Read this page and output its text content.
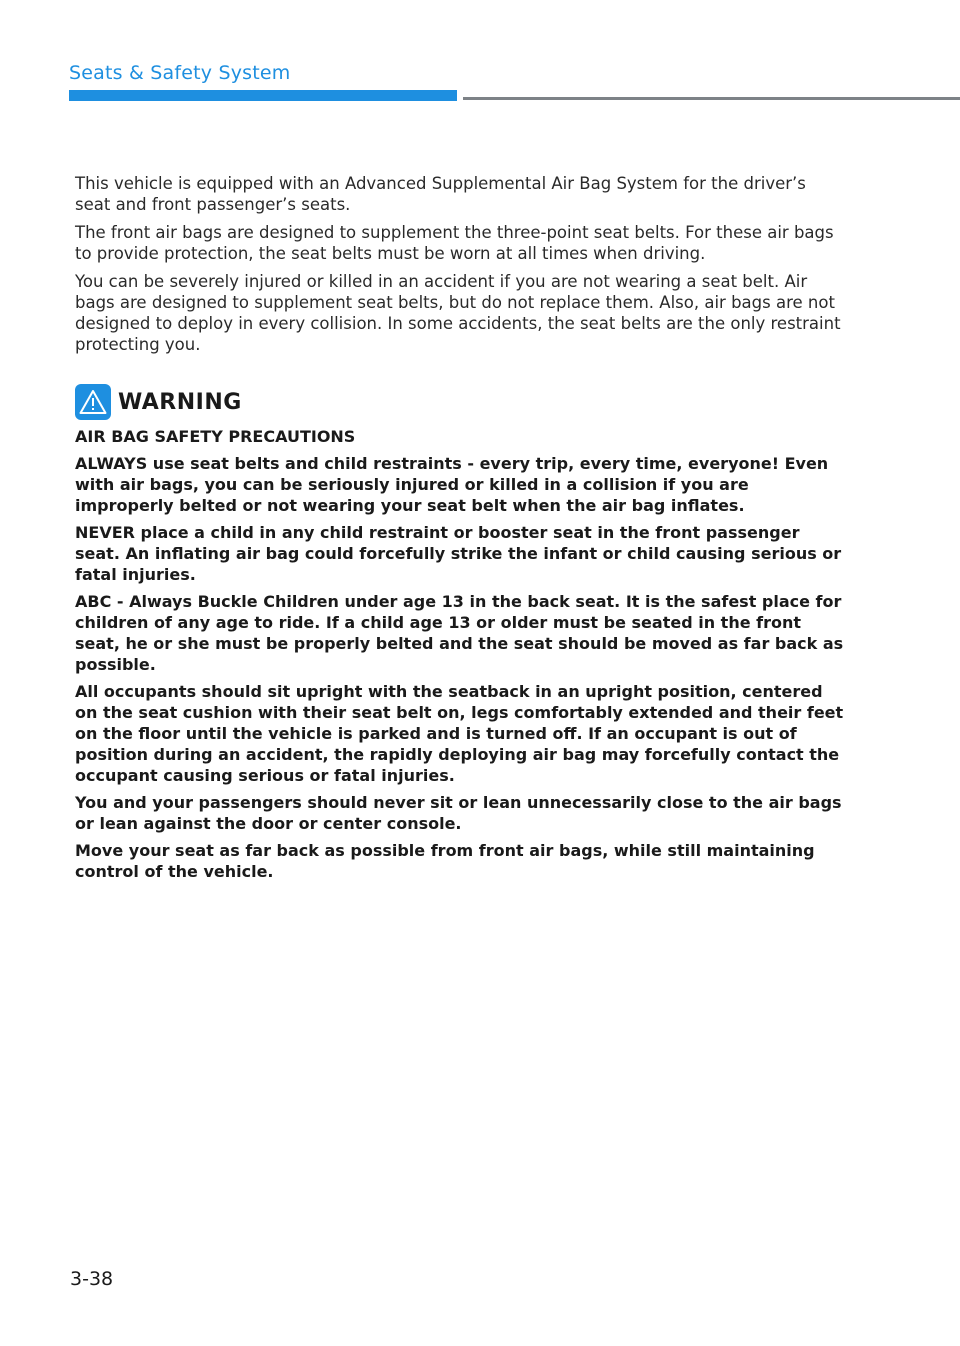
Seats & Safety System

This vehicle is equipped with an Advanced Supplemental Air Bag System for the driver’s seat and front passenger’s seats.

The front air bags are designed to supplement the three-point seat belts. For these air bags to provide protection, the seat belts must be worn at all times when driving.

You can be severely injured or killed in an accident if you are not wearing a seat belt. Air bags are designed to supplement seat belts, but do not replace them. Also, air bags are not designed to deploy in every collision. In some accidents, the seat belts are the only restraint protecting you.

WARNING

AIR BAG SAFETY PRECAUTIONS

ALWAYS use seat belts and child restraints - every trip, every time, everyone! Even with air bags, you can be seriously injured or killed in a collision if you are improperly belted or not wearing your seat belt when the air bag inflates.

NEVER place a child in any child restraint or booster seat in the front passenger seat. An inflating air bag could forcefully strike the infant or child causing serious or fatal injuries.

ABC - Always Buckle Children under age 13 in the back seat. It is the safest place for children of any age to ride. If a child age 13 or older must be seated in the front seat, he or she must be properly belted and the seat should be moved as far back as possible.

All occupants should sit upright with the seatback in an upright position, centered on the seat cushion with their seat belt on, legs comfortably extended and their feet on the floor until the vehicle is parked and is turned off. If an occupant is out of position during an accident, the rapidly deploying air bag may forcefully contact the occupant causing serious or fatal injuries.

You and your passengers should never sit or lean unnecessarily close to the air bags or lean against the door or center console.

Move your seat as far back as possible from front air bags, while still maintaining control of the vehicle.

3-38
